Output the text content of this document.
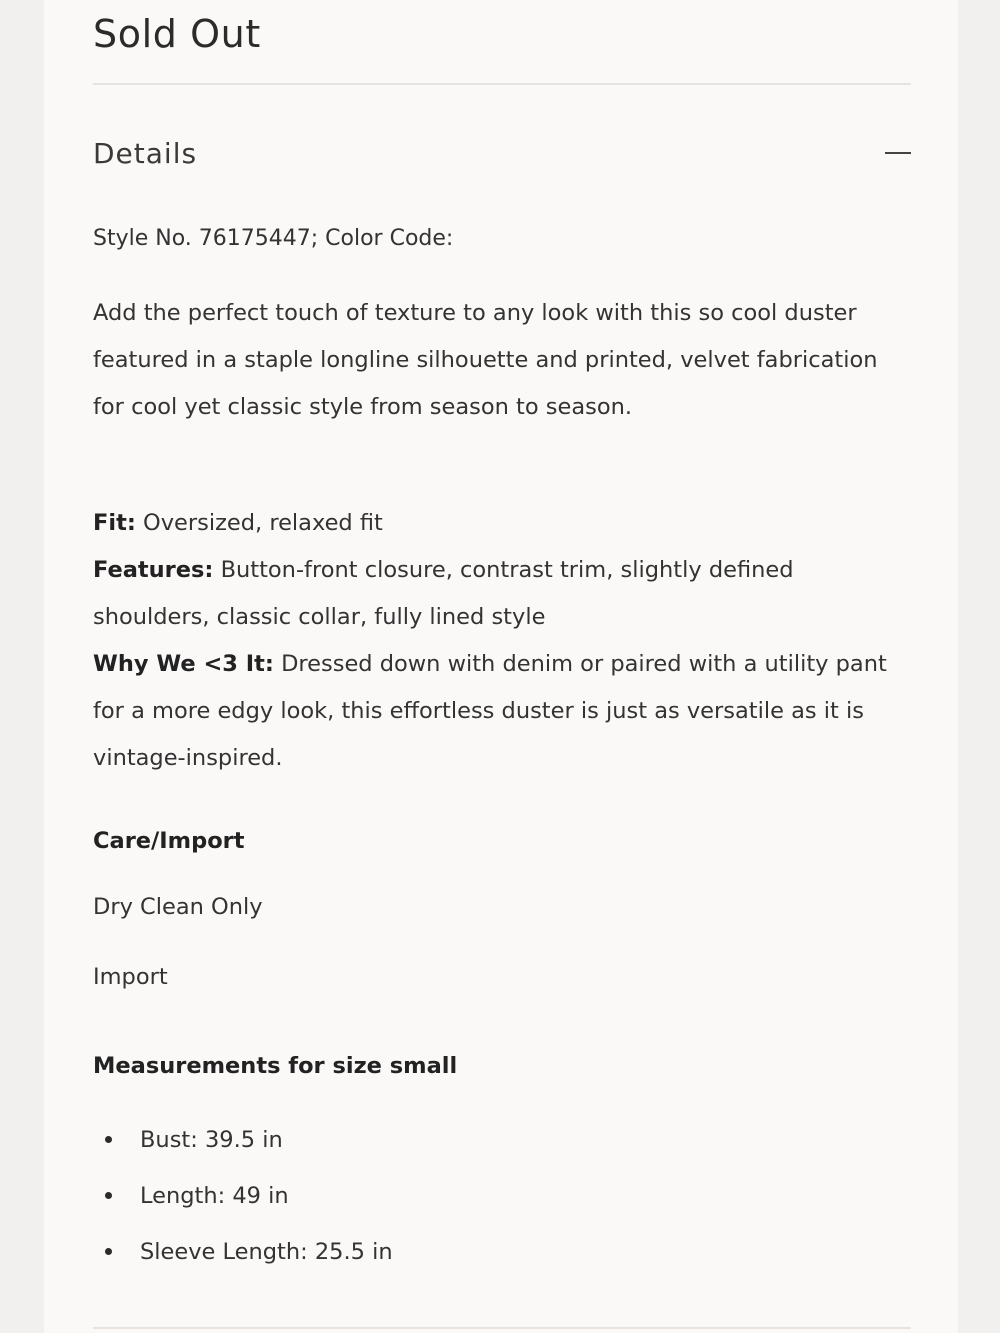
Sold Out
Details

Style No. 76175447; Color Code:

Add the perfect touch of texture to any look with this so cool duster featured in a staple longline silhouette and printed, velvet fabrication for cool yet classic style from season to season.

Fit: Oversized, relaxed fit
Features: Button-front closure, contrast trim, slightly defined shoulders, classic collar, fully lined style
Why We <3 It: Dressed down with denim or paired with a utility pant for a more edgy look, this effortless duster is just as versatile as it is vintage-inspired.

Care/Import

Dry Clean Only

Import

Measurements for size small

Bust: 39.5 in
Length: 49 in
Sleeve Length: 25.5 in
